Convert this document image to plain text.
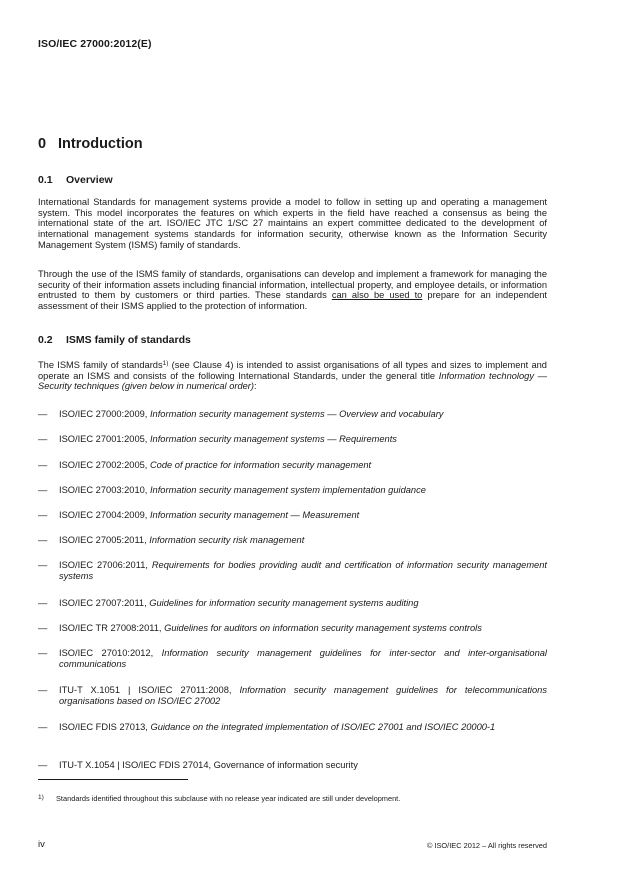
ISO/IEC 27000:2012(E)
0 Introduction
0.1 Overview

International Standards for management systems provide a model to follow in setting up and operating a management system. This model incorporates the features on which experts in the field have reached a consensus as being the international state of the art. ISO/IEC JTC 1/SC 27 maintains an expert committee dedicated to the development of international management systems standards for information security, otherwise known as the Information Security Management System (ISMS) family of standards.

Through the use of the ISMS family of standards, organisations can develop and implement a framework for managing the security of their information assets including financial information, intellectual property, and employee details, or information entrusted to them by customers or third parties. These standards can also be used to prepare for an independent assessment of their ISMS applied to the protection of information.

0.2 ISMS family of standards

The ISMS family of standards$^{1)}$ (see Clause 4) is intended to assist organisations of all types and sizes to implement and operate an ISMS and consists of the following International Standards, under the general title Information technology — Security techniques (given below in numerical order):

— ISO/IEC 27000:2009, Information security management systems — Overview and vocabulary
— ISO/IEC 27001:2005, Information security management systems — Requirements
— ISO/IEC 27002:2005, Code of practice for information security management
— ISO/IEC 27003:2010, Information security management system implementation guidance
— ISO/IEC 27004:2009, Information security management — Measurement
— ISO/IEC 27005:2011, Information security risk management
— ISO/IEC 27006:2011, Requirements for bodies providing audit and certification of information security management systems
— ISO/IEC 27007:2011, Guidelines for information security management systems auditing
— ISO/IEC TR 27008:2011, Guidelines for auditors on information security management systems controls
— ISO/IEC 27010:2012, Information security management guidelines for inter-sector and inter-organisational communications
— ITU-T X.1051 | ISO/IEC 27011:2008, Information security management guidelines for telecommunications organisations based on ISO/IEC 27002
— ISO/IEC FDIS 27013, Guidance on the integrated implementation of ISO/IEC 27001 and ISO/IEC 20000-1
— ITU-T X.1054 | ISO/IEC FDIS 27014, Governance of information security
1) Standards identified throughout this subclause with no release year indicated are still under development.
iv	© ISO/IEC 2012 – All rights reserved
